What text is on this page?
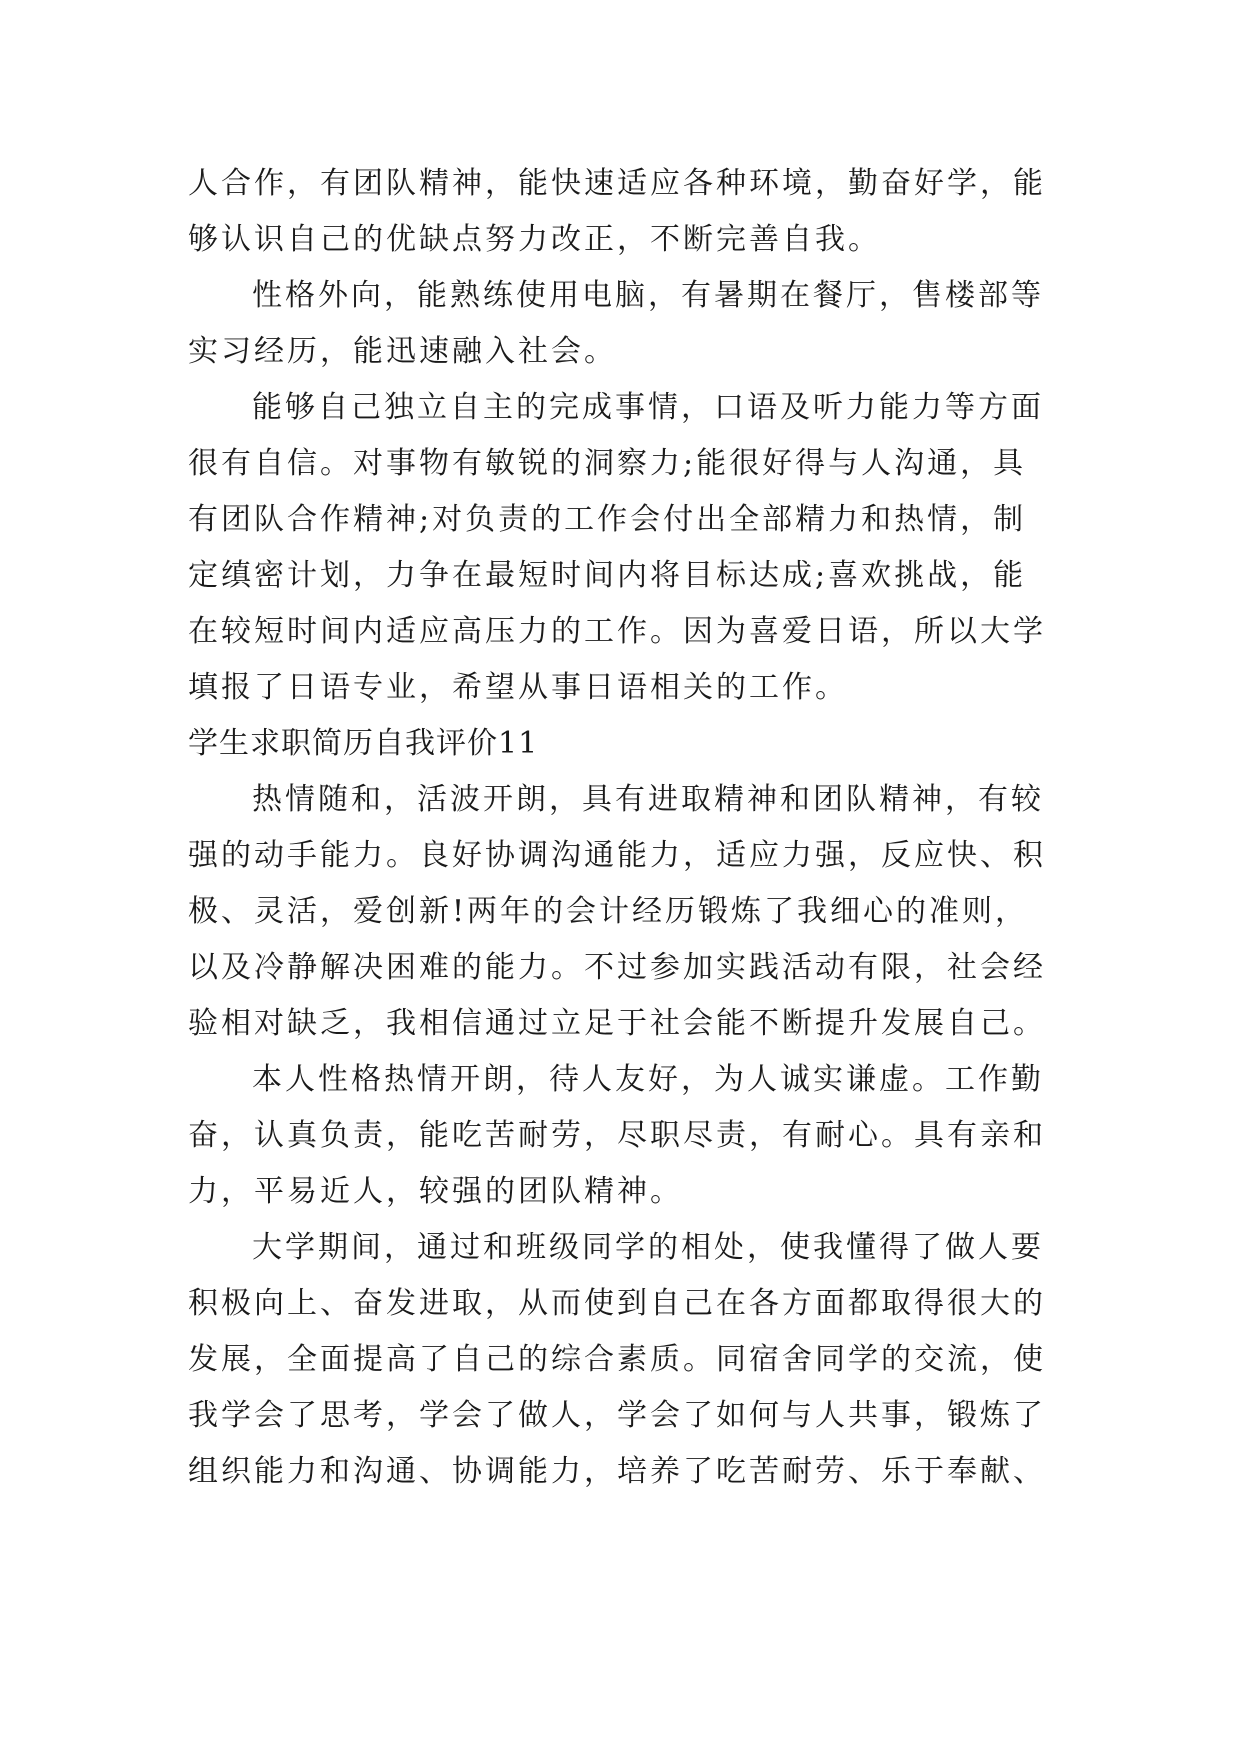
人合作，有团队精神，能快速适应各种环境，勤奋好学，能
够认识自己的优缺点努力改正，不断完善自我。
性格外向，能熟练使用电脑，有暑期在餐厅，售楼部等
实习经历，能迅速融入社会。
能够自己独立自主的完成事情，口语及听力能力等方面
很有自信。对事物有敏锐的洞察力;能很好得与人沟通，具
有团队合作精神;对负责的工作会付出全部精力和热情，制
定缜密计划，力争在最短时间内将目标达成;喜欢挑战，能
在较短时间内适应高压力的工作。因为喜爱日语，所以大学
填报了日语专业，希望从事日语相关的工作。
学生求职简历自我评价11
热情随和，活波开朗，具有进取精神和团队精神，有较
强的动手能力。良好协调沟通能力，适应力强，反应快、积
极、灵活，爱创新!两年的会计经历锻炼了我细心的准则，
以及冷静解决困难的能力。不过参加实践活动有限，社会经
验相对缺乏，我相信通过立足于社会能不断提升发展自己。
本人性格热情开朗，待人友好，为人诚实谦虚。工作勤
奋，认真负责，能吃苦耐劳，尽职尽责，有耐心。具有亲和
力，平易近人，较强的团队精神。
大学期间，通过和班级同学的相处，使我懂得了做人要
积极向上、奋发进取，从而使到自己在各方面都取得很大的
发展，全面提高了自己的综合素质。同宿舍同学的交流，使
我学会了思考，学会了做人，学会了如何与人共事，锻炼了
组织能力和沟通、协调能力，培养了吃苦耐劳、乐于奉献、
